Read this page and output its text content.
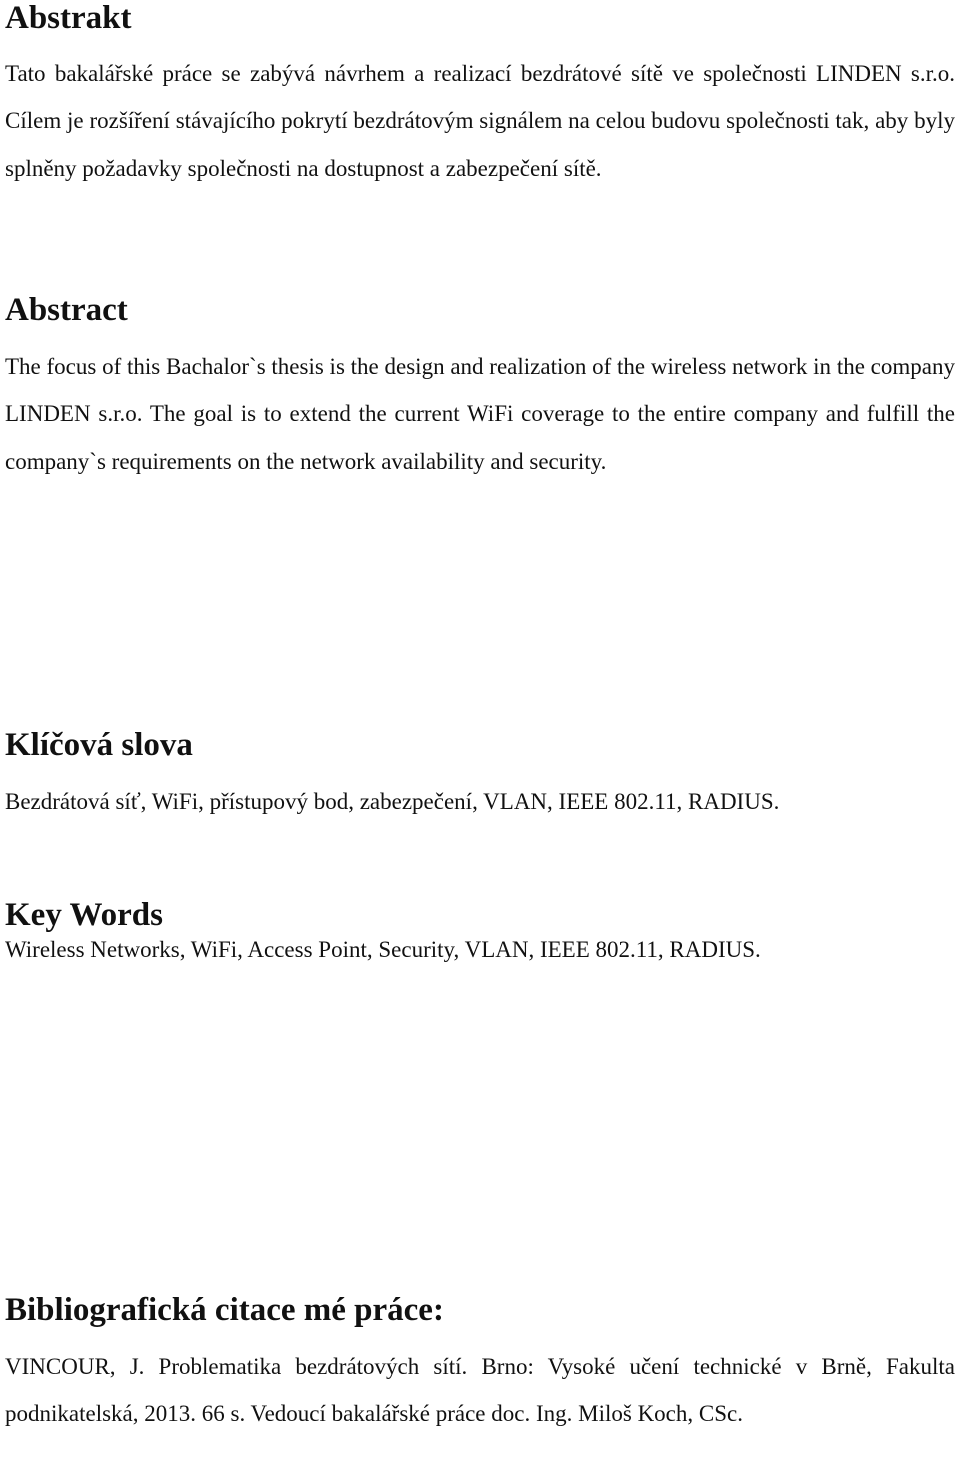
Abstrakt

Tato bakalářské práce se zabývá návrhem a realizací bezdrátové sítě ve společnosti LINDEN s.r.o. Cílem je rozšíření stávajícího pokrytí bezdrátovým signálem na celou budovu společnosti tak, aby byly splněny požadavky společnosti na dostupnost a zabezpečení sítě.

Abstract

The focus of this Bachalor`s thesis is the design and realization of the wireless network in the company LINDEN s.r.o. The goal is to extend the current WiFi coverage to the entire company and fulfill the company`s requirements on the network availability and security.

Klíčová slova

Bezdrátová síť, WiFi, přístupový bod, zabezpečení, VLAN, IEEE 802.11, RADIUS.

Key Words

Wireless Networks, WiFi, Access Point, Security, VLAN, IEEE 802.11, RADIUS.

Bibliografická citace mé práce:

VINCOUR, J. Problematika bezdrátových sítí. Brno: Vysoké učení technické v Brně, Fakulta podnikatelská, 2013. 66 s. Vedoucí bakalářské práce doc. Ing. Miloš Koch, CSc.
